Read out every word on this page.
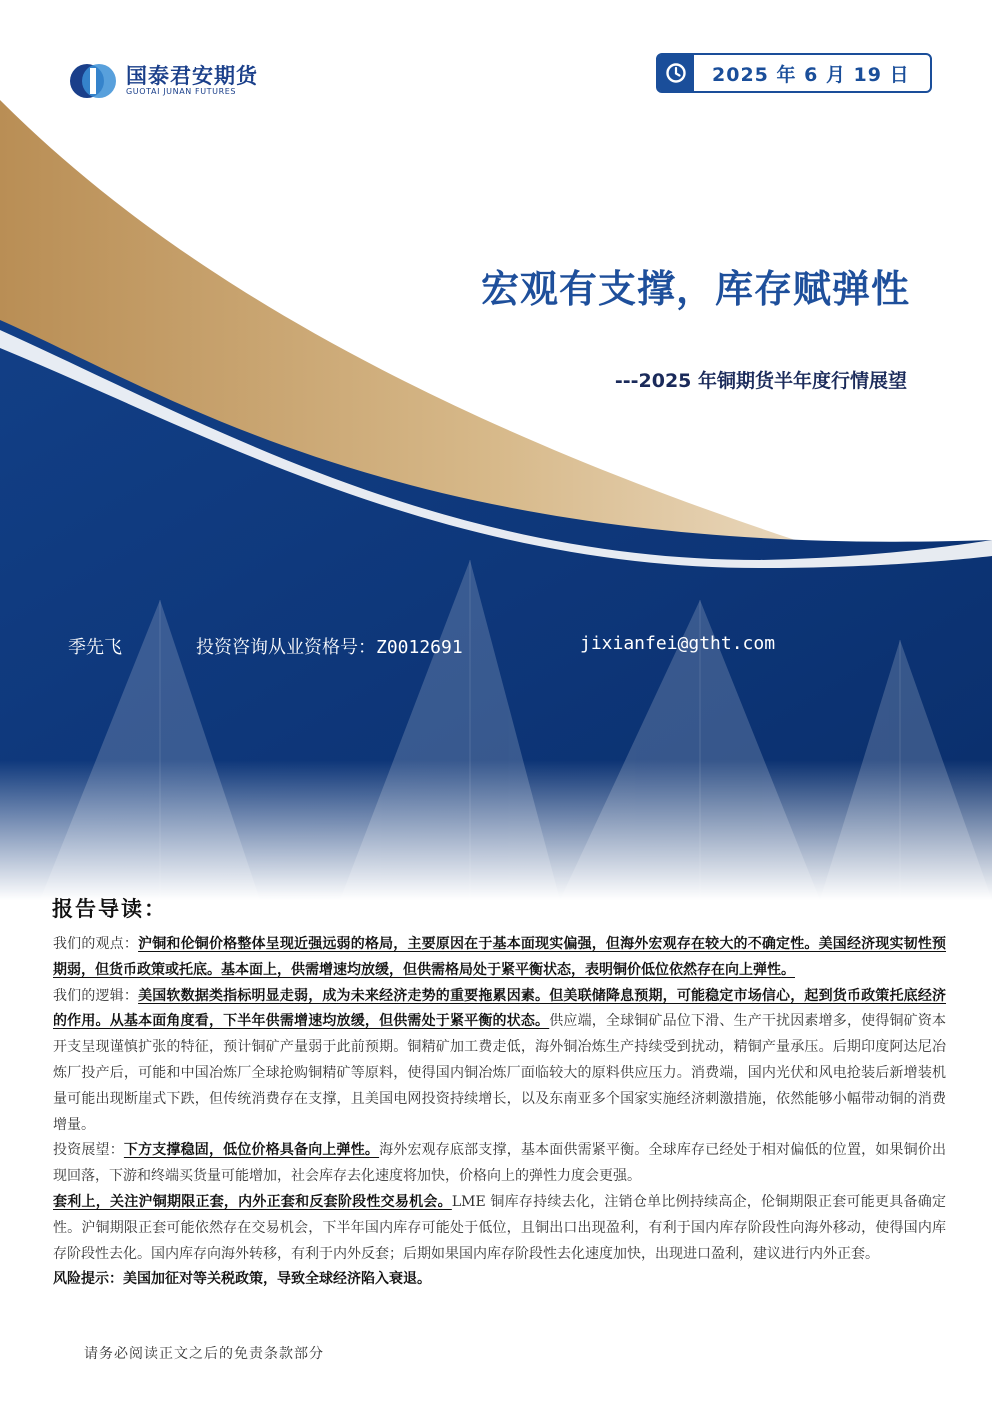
国泰君安期货
GUOTAI JUNAN FUTURES
2025 年 6 月 19 日
宏观有支撑，库存赋弹性
---2025 年铜期货半年度行情展望
季先飞	投资咨询从业资格号：Z0012691	jixianfei@gtht.com
报告导读：

我们的观点：沪铜和伦铜价格整体呈现近强远弱的格局，主要原因在于基本面现实偏强，但海外宏观存在较大的不确定性。美国经济现实韧性预期弱，但货币政策或托底。基本面上，供需增速均放缓，但供需格局处于紧平衡状态，表明铜价低位依然存在向上弹性。

我们的逻辑：美国软数据类指标明显走弱，成为未来经济走势的重要拖累因素。但美联储降息预期，可能稳定市场信心，起到货币政策托底经济的作用。从基本面角度看，下半年供需增速均放缓，但供需处于紧平衡的状态。供应端，全球铜矿品位下滑、生产干扰因素增多，使得铜矿资本开支呈现谨慎扩张的特征，预计铜矿产量弱于此前预期。铜精矿加工费走低，海外铜冶炼生产持续受到扰动，精铜产量承压。后期印度阿达尼冶炼厂投产后，可能和中国冶炼厂全球抢购铜精矿等原料，使得国内铜冶炼厂面临较大的原料供应压力。消费端，国内光伏和风电抢装后新增装机量可能出现断崖式下跌，但传统消费存在支撑，且美国电网投资持续增长，以及东南亚多个国家实施经济刺激措施，依然能够小幅带动铜的消费增量。

投资展望：下方支撑稳固，低位价格具备向上弹性。海外宏观存底部支撑，基本面供需紧平衡。全球库存已经处于相对偏低的位置，如果铜价出现回落，下游和终端买货量可能增加，社会库存去化速度将加快，价格向上的弹性力度会更强。

套利上，关注沪铜期限正套，内外正套和反套阶段性交易机会。LME 铜库存持续去化，注销仓单比例持续高企，伦铜期限正套可能更具备确定性。沪铜期限正套可能依然存在交易机会，下半年国内库存可能处于低位，且铜出口出现盈利，有利于国内库存阶段性向海外移动，使得国内库存阶段性去化。国内库存向海外转移，有利于内外反套；后期如果国内库存阶段性去化速度加快，出现进口盈利，建议进行内外正套。

风险提示：美国加征对等关税政策，导致全球经济陷入衰退。

请务必阅读正文之后的免责条款部分
